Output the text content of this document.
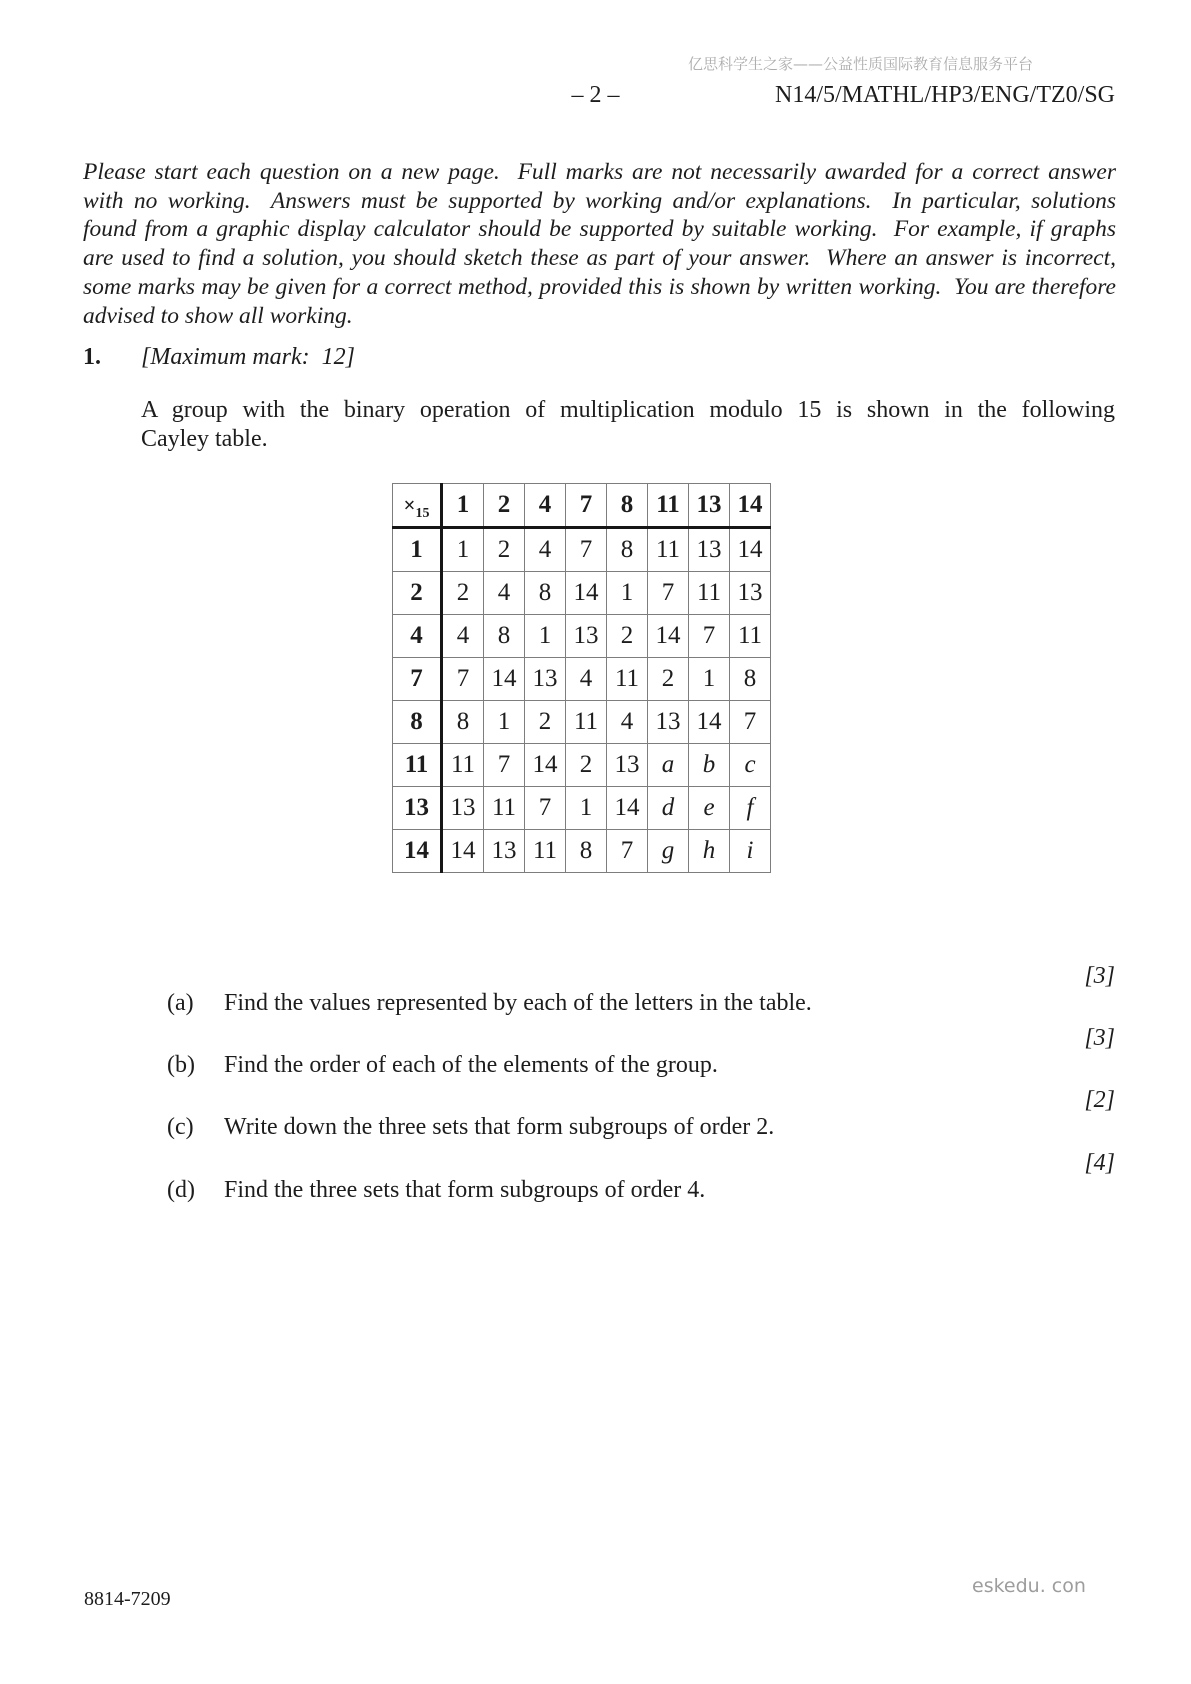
亿思科学生之家——公益性质国际教育信息服务平台
– 2 –	N14/5/MATHL/HP3/ENG/TZ0/SG
Please start each question on a new page.  Full marks are not necessarily awarded for a correct answer
with no working.  Answers must be supported by working and/or explanations.  In particular, solutions
found from a graphic display calculator should be supported by suitable working.  For example, if graphs
are used to find a solution, you should sketch these as part of your answer.  Where an answer is incorrect,
some marks may be given for a correct method, provided this is shown by written working.  You are therefore
advised to show all working.
1. [Maximum mark:  12]
A group with the binary operation of multiplication modulo 15 is shown in the following
Cayley table.
$\times_{15}$	1	2	4	7	8	11	13	14
1	1	2	4	7	8	11	13	14
2	2	4	8	14	1	7	11	13
4	4	8	1	13	2	14	7	11
7	7	14	13	4	11	2	1	8
8	8	1	2	11	4	13	14	7
11	11	7	14	2	13	a	b	c
13	13	11	7	1	14	d	e	f
14	14	13	11	8	7	g	h	i

[3]

(a) Find the values represented by each of the letters in the table.

[3]

(b) Find the order of each of the elements of the group.

[2]

(c) Write down the three sets that form subgroups of order 2.

[4]

(d) Find the three sets that form subgroups of order 4.

8814-7209
eskedu. con
